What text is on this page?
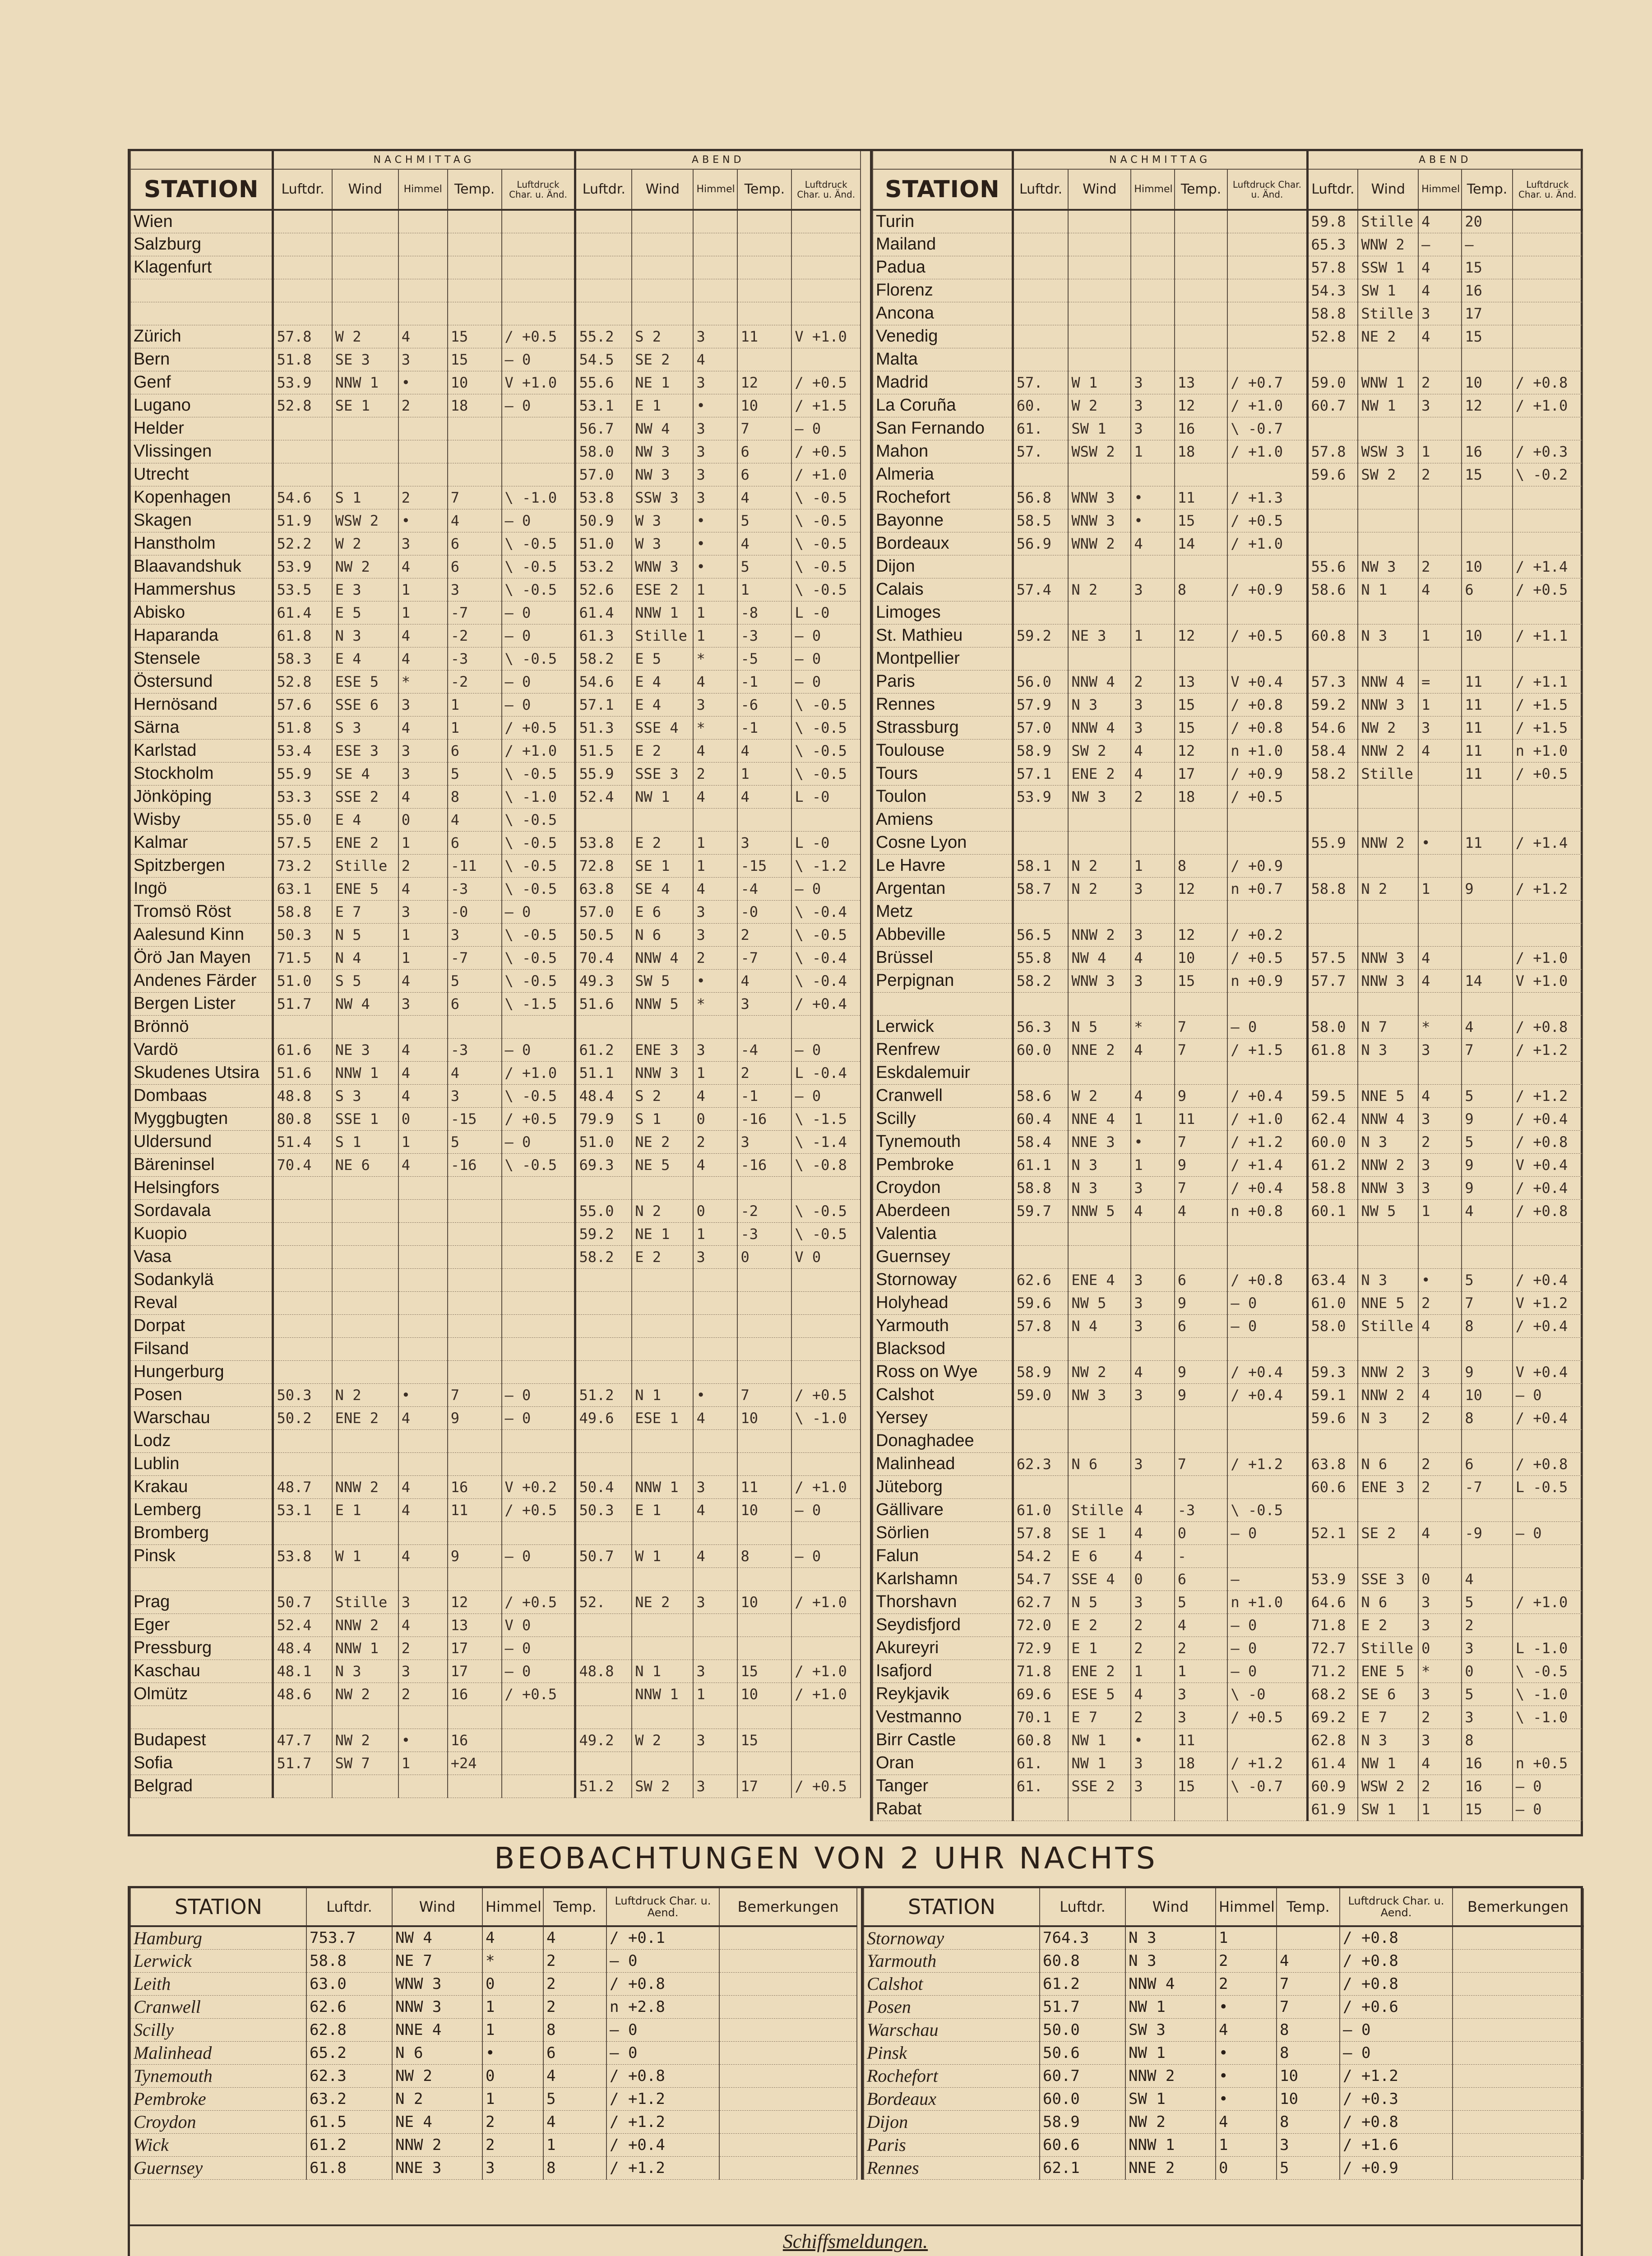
	NACHMITTAG					ABEND				
STATION	Luftdr.	Wind	Himmel	Temp.	Luftdruck Char. u. Änd.	Luftdr.	Wind	Himmel	Temp.	Luftdruck Char. u. Änd.
Wien										
Salzburg										
Klagenfurt										

Zürich	57.8	W 2	4	15	/ +0.5	55.2	S 2	3	11	V +1.0
Bern	51.8	SE 3	3	15	— 0	54.5	SE 2	4		
Genf	53.9	NNW 1	•	10	V +1.0	55.6	NE 1	3	12	/ +0.5
Lugano	52.8	SE 1	2	18	— 0	53.1	E 1	•	10	/ +1.5
Helder						56.7	NW 4	3	7	— 0
Vlissingen						58.0	NW 3	3	6	/ +0.5
Utrecht						57.0	NW 3	3	6	/ +1.0
Kopenhagen	54.6	S 1	2	7	\ -1.0	53.8	SSW 3	3	4	\ -0.5
Skagen	51.9	WSW 2	•	4	— 0	50.9	W 3	•	5	\ -0.5
Hanstholm	52.2	W 2	3	6	\ -0.5	51.0	W 3	•	4	\ -0.5
Blaavandshuk	53.9	NW 2	4	6	\ -0.5	53.2	WNW 3	•	5	\ -0.5
Hammershus	53.5	E 3	1	3	\ -0.5	52.6	ESE 2	1	1	\ -0.5
Abisko	61.4	E 5	1	-7	— 0	61.4	NNW 1	1	-8	L -0
Haparanda	61.8	N 3	4	-2	— 0	61.3	Stille	1	-3	— 0
Stensele	58.3	E 4	4	-3	\ -0.5	58.2	E 5	*	-5	— 0
Östersund	52.8	ESE 5	*	-2	— 0	54.6	E 4	4	-1	— 0
Hernösand	57.6	SSE 6	3	1	— 0	57.1	E 4	3	-6	\ -0.5
Särna	51.8	S 3	4	1	/ +0.5	51.3	SSE 4	*	-1	\ -0.5
Karlstad	53.4	ESE 3	3	6	/ +1.0	51.5	E 2	4	4	\ -0.5
Stockholm	55.9	SE 4	3	5	\ -0.5	55.9	SSE 3	2	1	\ -0.5
Jönköping	53.3	SSE 2	4	8	\ -1.0	52.4	NW 1	4	4	L -0
Wisby	55.0	E 4	0	4	\ -0.5					
Kalmar	57.5	ENE 2	1	6	\ -0.5	53.8	E 2	1	3	L -0
Spitzbergen	73.2	Stille	2	-11	\ -0.5	72.8	SE 1	1	-15	\ -1.2
Ingö	63.1	ENE 5	4	-3	\ -0.5	63.8	SE 4	4	-4	— 0
Tromsö Röst	58.8	E 7	3	-0	— 0	57.0	E 6	3	-0	\ -0.4
Aalesund Kinn	50.3	N 5	1	3	\ -0.5	50.5	N 6	3	2	\ -0.5
Örö Jan Mayen	71.5	N 4	1	-7	\ -0.5	70.4	NNW 4	2	-7	\ -0.4
Andenes Färder	51.0	S 5	4	5	\ -0.5	49.3	SW 5	•	4	\ -0.4
Bergen Lister	51.7	NW 4	3	6	\ -1.5	51.6	NNW 5	*	3	/ +0.4
Brönnö										
Vardö	61.6	NE 3	4	-3	— 0	61.2	ENE 3	3	-4	— 0
Skudenes Utsira	51.6	NNW 1	4	4	/ +1.0	51.1	NNW 3	1	2	L -0.4
Dombaas	48.8	S 3	4	3	\ -0.5	48.4	S 2	4	-1	— 0
Myggbugten	80.8	SSE 1	0	-15	/ +0.5	79.9	S 1	0	-16	\ -1.5
Uldersund	51.4	S 1	1	5	— 0	51.0	NE 2	2	3	\ -1.4
Bäreninsel	70.4	NE 6	4	-16	\ -0.5	69.3	NE 5	4	-16	\ -0.8
Helsingfors										
Sordavala						55.0	N 2	0	-2	\ -0.5
Kuopio						59.2	NE 1	1	-3	\ -0.5
Vasa						58.2	E 2	3	0	V 0
Sodankylä										
Reval										
Dorpat										
Filsand										
Hungerburg										
Posen	50.3	N 2	•	7	— 0	51.2	N 1	•	7	/ +0.5
Warschau	50.2	ENE 2	4	9	— 0	49.6	ESE 1	4	10	\ -1.0
Lodz										
Lublin										
Krakau	48.7	NNW 2	4	16	V +0.2	50.4	NNW 1	3	11	/ +1.0
Lemberg	53.1	E 1	4	11	/ +0.5	50.3	E 1	4	10	— 0
Bromberg										
Pinsk	53.8	W 1	4	9	— 0	50.7	W 1	4	8	— 0

Prag	50.7	Stille	3	12	/ +0.5	52.	NE 2	3	10	/ +1.0
Eger	52.4	NNW 2	4	13	V 0					
Pressburg	48.4	NNW 1	2	17	— 0					
Kaschau	48.1	N 3	3	17	— 0	48.8	N 1	3	15	/ +1.0
Olmütz	48.6	NW 2	2	16	/ +0.5		NNW 1	1	10	/ +1.0

Budapest	47.7	NW 2	•	16		49.2	W 2	3	15	
Sofia	51.7	SW 7	1	+24						
Belgrad						51.2	SW 2	3	17	/ +0.5
	NACHMITTAG					ABEND				
STATION	Luftdr.	Wind	Himmel	Temp.	Luftdruck Char. u. Änd.	Luftdr.	Wind	Himmel	Temp.	Luftdruck Char. u. Änd.
Turin						59.8	Stille	4	20	
Mailand						65.3	WNW 2	—	—	
Padua						57.8	SSW 1	4	15	
Florenz						54.3	SW 1	4	16	
Ancona						58.8	Stille	3	17	
Venedig						52.8	NE 2	4	15	
Malta										
Madrid	57.	W 1	3	13	/ +0.7	59.0	WNW 1	2	10	/ +0.8
La Coruña	60.	W 2	3	12	/ +1.0	60.7	NW 1	3	12	/ +1.0
San Fernando	61.	SW 1	3	16	\ -0.7					
Mahon	57.	WSW 2	1	18	/ +1.0	57.8	WSW 3	1	16	/ +0.3
Almeria						59.6	SW 2	2	15	\ -0.2
Rochefort	56.8	WNW 3	•	11	/ +1.3					
Bayonne	58.5	WNW 3	•	15	/ +0.5					
Bordeaux	56.9	WNW 2	4	14	/ +1.0					
Dijon						55.6	NW 3	2	10	/ +1.4
Calais	57.4	N 2	3	8	/ +0.9	58.6	N 1	4	6	/ +0.5
Limoges										
St. Mathieu	59.2	NE 3	1	12	/ +0.5	60.8	N 3	1	10	/ +1.1
Montpellier										
Paris	56.0	NNW 4	2	13	V +0.4	57.3	NNW 4	=	11	/ +1.1
Rennes	57.9	N 3	3	15	/ +0.8	59.2	NNW 3	1	11	/ +1.5
Strassburg	57.0	NNW 4	3	15	/ +0.8	54.6	NW 2	3	11	/ +1.5
Toulouse	58.9	SW 2	4	12	n +1.0	58.4	NNW 2	4	11	n +1.0
Tours	57.1	ENE 2	4	17	/ +0.9	58.2	Stille		11	/ +0.5
Toulon	53.9	NW 3	2	18	/ +0.5					
Amiens										
Cosne Lyon						55.9	NNW 2	•	11	/ +1.4
Le Havre	58.1	N 2	1	8	/ +0.9					
Argentan	58.7	N 2	3	12	n +0.7	58.8	N 2	1	9	/ +1.2
Metz										
Abbeville	56.5	NNW 2	3	12	/ +0.2					
Brüssel	55.8	NW 4	4	10	/ +0.5	57.5	NNW 3	4		/ +1.0
Perpignan	58.2	WNW 3	3	15	n +0.9	57.7	NNW 3	4	14	V +1.0

Lerwick	56.3	N 5	*	7	— 0	58.0	N 7	*	4	/ +0.8
Renfrew	60.0	NNE 2	4	7	/ +1.5	61.8	N 3	3	7	/ +1.2
Eskdalemuir										
Cranwell	58.6	W 2	4	9	/ +0.4	59.5	NNE 5	4	5	/ +1.2
Scilly	60.4	NNE 4	1	11	/ +1.0	62.4	NNW 4	3	9	/ +0.4
Tynemouth	58.4	NNE 3	•	7	/ +1.2	60.0	N 3	2	5	/ +0.8
Pembroke	61.1	N 3	1	9	/ +1.4	61.2	NNW 2	3	9	V +0.4
Croydon	58.8	N 3	3	7	/ +0.4	58.8	NNW 3	3	9	/ +0.4
Aberdeen	59.7	NNW 5	4	4	n +0.8	60.1	NW 5	1	4	/ +0.8
Valentia										
Guernsey										
Stornoway	62.6	ENE 4	3	6	/ +0.8	63.4	N 3	•	5	/ +0.4
Holyhead	59.6	NW 5	3	9	— 0	61.0	NNE 5	2	7	V +1.2
Yarmouth	57.8	N 4	3	6	— 0	58.0	Stille	4	8	/ +0.4
Blacksod										
Ross on Wye	58.9	NW 2	4	9	/ +0.4	59.3	NNW 2	3	9	V +0.4
Calshot	59.0	NW 3	3	9	/ +0.4	59.1	NNW 2	4	10	— 0
Yersey						59.6	N 3	2	8	/ +0.4
Donaghadee										
Malinhead	62.3	N 6	3	7	/ +1.2	63.8	N 6	2	6	/ +0.8
Jüteborg						60.6	ENE 3	2	-7	L -0.5
Gällivare	61.0	Stille	4	-3	\ -0.5					
Sörlien	57.8	SE 1	4	0	— 0	52.1	SE 2	4	-9	— 0
Falun	54.2	E 6	4	-						
Karlshamn	54.7	SSE 4	0	6	—	53.9	SSE 3	0	4	
Thorshavn	62.7	N 5	3	5	n +1.0	64.6	N 6	3	5	/ +1.0
Seydisfjord	72.0	E 2	2	4	— 0	71.8	E 2	3	2	
Akureyri	72.9	E 1	2	2	— 0	72.7	Stille	0	3	L -1.0
Isafjord	71.8	ENE 2	1	1	— 0	71.2	ENE 5	*	0	\ -0.5
Reykjavik	69.6	ESE 5	4	3	\ -0	68.2	SE 6	3	5	\ -1.0
Vestmanno	70.1	E 7	2	3	/ +0.5	69.2	E 7	2	3	\ -1.0
Birr Castle	60.8	NW 1	•	11		62.8	N 3	3	8	
Oran	61.	NW 1	3	18	/ +1.2	61.4	NW 1	4	16	n +0.5
Tanger	61.	SSE 2	3	15	\ -0.7	60.9	WSW 2	2	16	— 0
Rabat						61.9	SW 1	1	15	— 0
BEOBACHTUNGEN VON 2 UHR NACHTS
STATION	Luftdr.	Wind	Himmel	Temp.	Luftdruck Char. u. Aend.	Bemerkungen
Hamburg	753.7	NW 4	4	4	/ +0.1	
Lerwick	58.8	NE 7	*	2	— 0	
Leith	63.0	WNW 3	0	2	/ +0.8	
Cranwell	62.6	NNW 3	1	2	n +2.8	
Scilly	62.8	NNE 4	1	8	— 0	
Malinhead	65.2	N 6	•	6	— 0	
Tynemouth	62.3	NW 2	0	4	/ +0.8	
Pembroke	63.2	N 2	1	5	/ +1.2	
Croydon	61.5	NE 4	2	4	/ +1.2	
Wick	61.2	NNW 2	2	1	/ +0.4	
Guernsey	61.8	NNE 3	3	8	/ +1.2	
STATION	Luftdr.	Wind	Himmel	Temp.	Luftdruck Char. u. Aend.	Bemerkungen
Stornoway	764.3	N 3	1		/ +0.8	
Yarmouth	60.8	N 3	2	4	/ +0.8	
Calshot	61.2	NNW 4	2	7	/ +0.8	
Posen	51.7	NW 1	•	7	/ +0.6	
Warschau	50.0	SW 3	4	8	— 0	
Pinsk	50.6	NW 1	•	8	— 0	
Rochefort	60.7	NNW 2	•	10	/ +1.2	
Bordeaux	60.0	SW 1	•	10	/ +0.3	
Dijon	58.9	NW 2	4	8	/ +0.8	
Paris	60.6	NNW 1	1	3	/ +1.6	
Rennes	62.1	NNE 2	0	5	/ +0.9	
Schiffsmeldungen.
